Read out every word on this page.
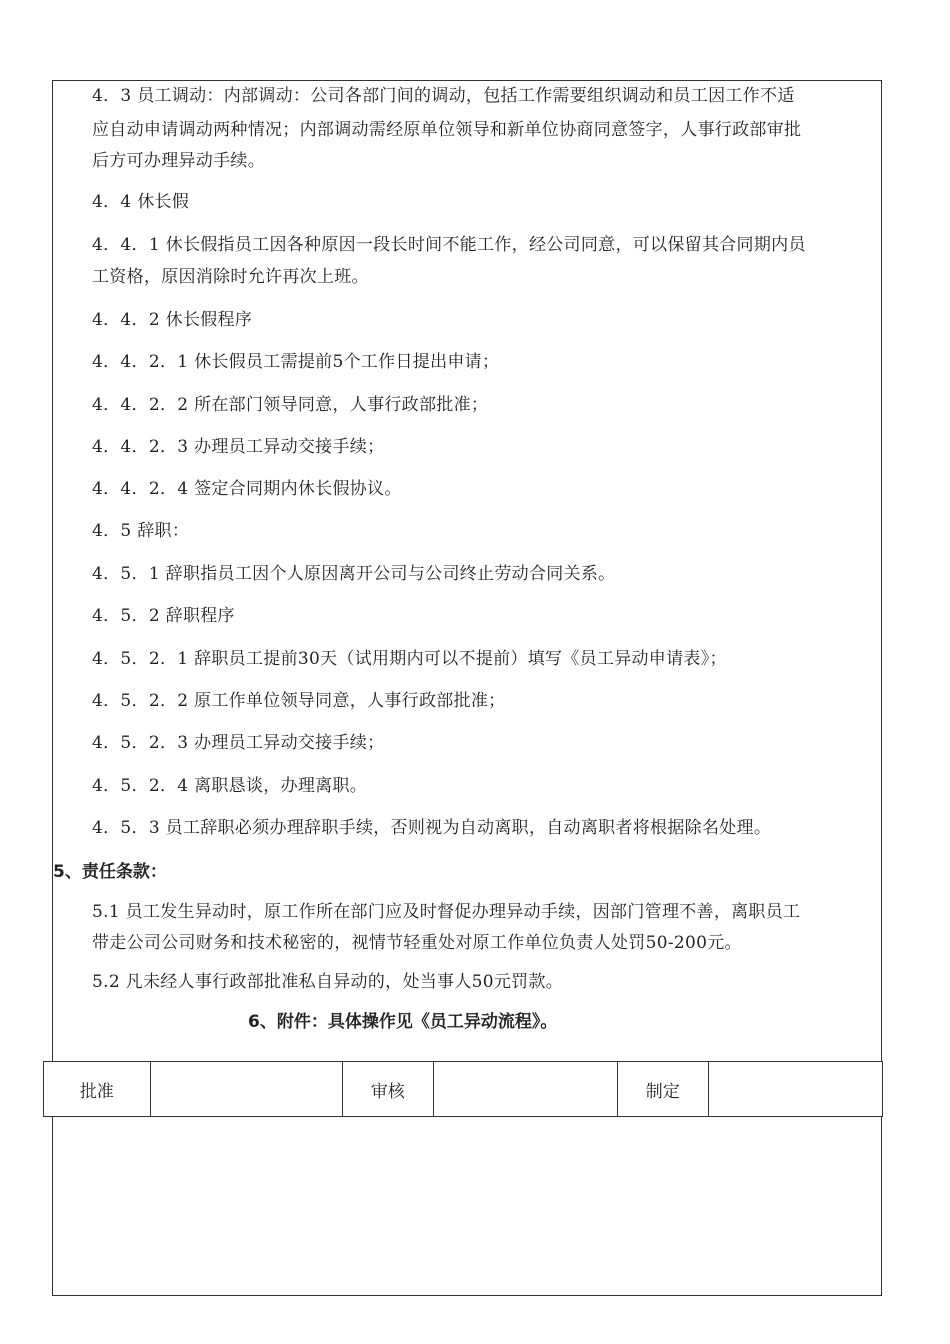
4．3 员工调动：内部调动：公司各部门间的调动，包括工作需要组织调动和员工因工作不适
应自动申请调动两种情况；内部调动需经原单位领导和新单位协商同意签字，人事行政部审批
后方可办理异动手续。
4．4 休长假
4．4．1 休长假指员工因各种原因一段长时间不能工作，经公司同意，可以保留其合同期内员
工资格，原因消除时允许再次上班。
4．4．2 休长假程序
4．4．2．1 休长假员工需提前5个工作日提出申请；
4．4．2．2 所在部门领导同意，人事行政部批准；
4．4．2．3 办理员工异动交接手续；
4．4．2．4 签定合同期内休长假协议。
4．5 辞职：
4．5．1 辞职指员工因个人原因离开公司与公司终止劳动合同关系。
4．5．2 辞职程序
4．5．2．1 辞职员工提前30天（试用期内可以不提前）填写《员工异动申请表》；
4．5．2．2 原工作单位领导同意，人事行政部批准；
4．5．2．3 办理员工异动交接手续；
4．5．2．4 离职恳谈，办理离职。
4．5．3 员工辞职必须办理辞职手续，否则视为自动离职，自动离职者将根据除名处理。
5、责任条款：
5.1 员工发生异动时，原工作所在部门应及时督促办理异动手续，因部门管理不善，离职员工
带走公司公司财务和技术秘密的，视情节轻重处对原工作单位负责人处罚50-200元。
5.2 凡未经人事行政部批准私自异动的，处当事人50元罚款。
6、附件：具体操作见《员工异动流程》。
批准		审核		制定	
